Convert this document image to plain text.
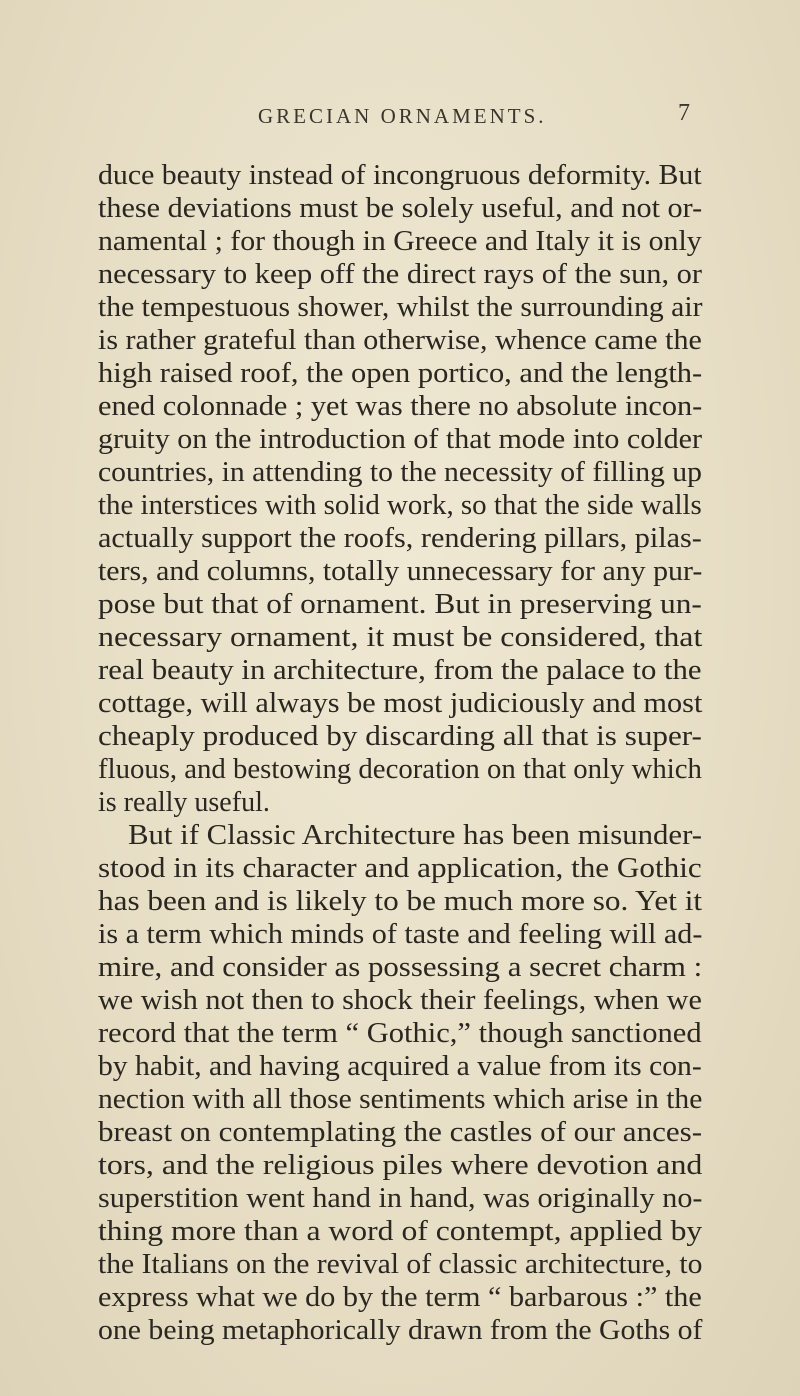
GRECIAN ORNAMENTS.	7
duce beauty instead of incongruous deformity. But
these deviations must be solely useful, and not or-
namental ; for though in Greece and Italy it is only
necessary to keep off the direct rays of the sun, or
the tempestuous shower, whilst the surrounding air
is rather grateful than otherwise, whence came the
high raised roof, the open portico, and the length-
ened colonnade ; yet was there no absolute incon-
gruity on the introduction of that mode into colder
countries, in attending to the necessity of filling up
the interstices with solid work, so that the side walls
actually support the roofs, rendering pillars, pilas-
ters, and columns, totally unnecessary for any pur-
pose but that of ornament. But in preserving un-
necessary ornament, it must be considered, that
real beauty in architecture, from the palace to the
cottage, will always be most judiciously and most
cheaply produced by discarding all that is super-
fluous, and bestowing decoration on that only which
is really useful.
But if Classic Architecture has been misunder-
stood in its character and application, the Gothic
has been and is likely to be much more so. Yet it
is a term which minds of taste and feeling will ad-
mire, and consider as possessing a secret charm :
we wish not then to shock their feelings, when we
record that the term “ Gothic,” though sanctioned
by habit, and having acquired a value from its con-
nection with all those sentiments which arise in the
breast on contemplating the castles of our ances-
tors, and the religious piles where devotion and
superstition went hand in hand, was originally no-
thing more than a word of contempt, applied by
the Italians on the revival of classic architecture, to
express what we do by the term “ barbarous :” the
one being metaphorically drawn from the Goths of
